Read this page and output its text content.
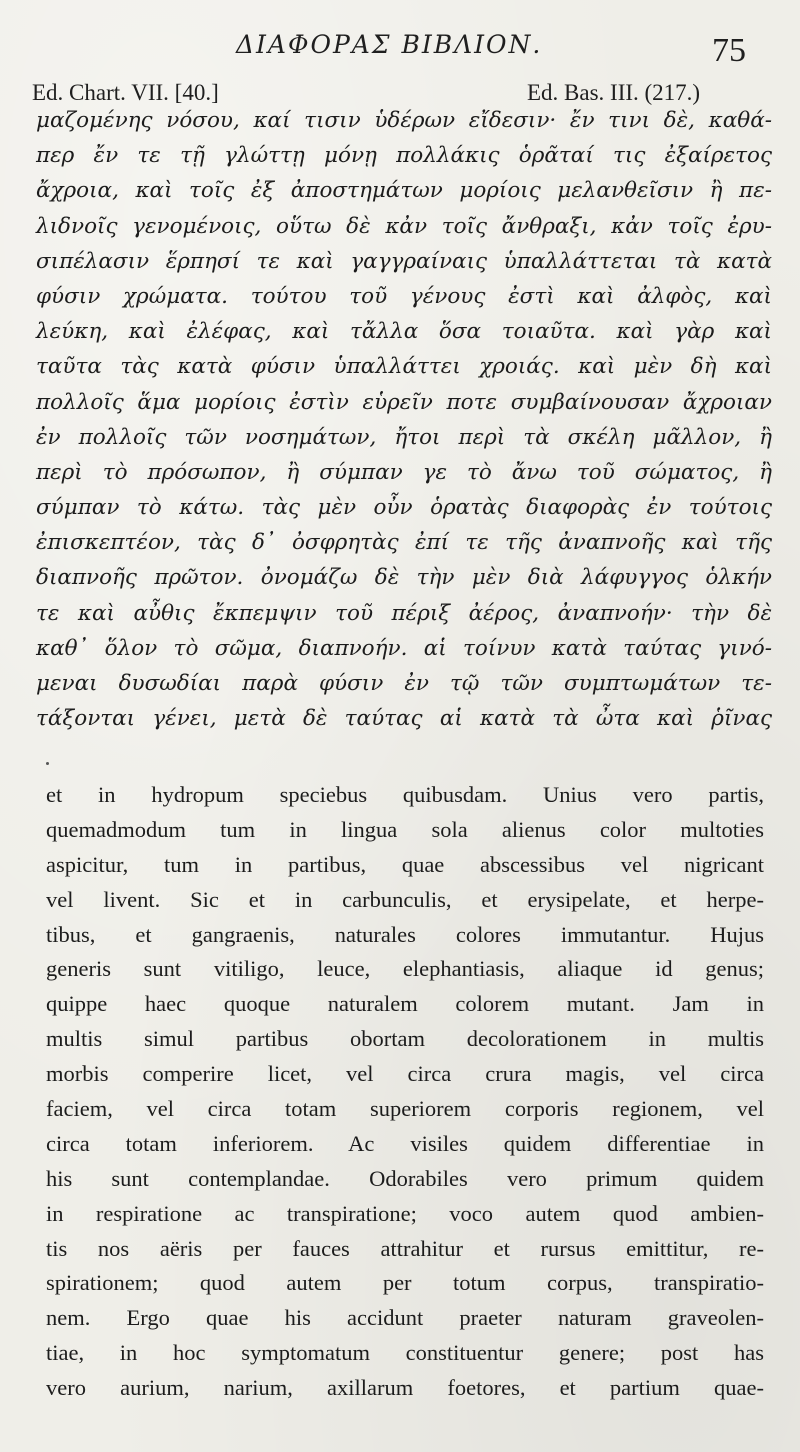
ΔΙΑΦΟΡΑΣ ΒΙΒΛΙΟΝ.	75
Ed. Chart. VII. [40.]	Ed. Bas. III. (217.)
μαζομένης νόσου, καί τισιν ὑδέρων εἴδεσιν· ἔν τινι δὲ, καθά-
περ ἔν τε τῇ γλώττῃ μόνῃ πολλάκις ὁρᾶταί τις ἐξαίρετος
ἄχροια, καὶ τοῖς ἐξ ἀποστημάτων μορίοις μελανθεῖσιν ἢ πε-
λιδνοῖς γενομένοις, οὕτω δὲ κἀν τοῖς ἄνθραξι, κἀν τοῖς ἐρυ-
σιπέλασιν ἕρπησί τε καὶ γαγγραίναις ὑπαλλάττεται τὰ κατὰ
φύσιν χρώματα. τούτου τοῦ γένους ἐστὶ καὶ ἀλφὸς, καὶ
λεύκη, καὶ ἐλέφας, καὶ τἄλλα ὅσα τοιαῦτα. καὶ γὰρ καὶ
ταῦτα τὰς κατὰ φύσιν ὑπαλλάττει χροιάς. καὶ μὲν δὴ καὶ
πολλοῖς ἅμα μορίοις ἐστὶν εὑρεῖν ποτε συμβαίνουσαν ἄχροιαν
ἐν πολλοῖς τῶν νοσημάτων, ἤτοι περὶ τὰ σκέλη μᾶλλον, ἢ
περὶ τὸ πρόσωπον, ἢ σύμπαν γε τὸ ἄνω τοῦ σώματος, ἢ
σύμπαν τὸ κάτω. τὰς μὲν οὖν ὁρατὰς διαφορὰς ἐν τούτοις
ἐπισκεπτέον, τὰς δ᾽ ὀσφρητὰς ἐπί τε τῆς ἀναπνοῆς καὶ τῆς
διαπνοῆς πρῶτον. ὀνομάζω δὲ τὴν μὲν διὰ λάφυγγος ὁλκήν
τε καὶ αὖθις ἔκπεμψιν τοῦ πέριξ ἀέρος, ἀναπνοήν· τὴν δὲ
καθ᾽ ὅλον τὸ σῶμα, διαπνοήν. αἱ τοίνυν κατὰ ταύτας γινό-
μεναι δυσωδίαι παρὰ φύσιν ἐν τῷ τῶν συμπτωμάτων τε-
τάξονται γένει, μετὰ δὲ ταύτας αἱ κατὰ τὰ ὦτα καὶ ῥῖνας
et in hydropum speciebus quibusdam. Unius vero partis,
quemadmodum tum in lingua sola alienus color multoties
aspicitur, tum in partibus, quae abscessibus vel nigricant
vel livent. Sic et in carbunculis, et erysipelate, et herpe-
tibus, et gangraenis, naturales colores immutantur. Hujus
generis sunt vitiligo, leuce, elephantiasis, aliaque id genus;
quippe haec quoque naturalem colorem mutant. Jam in
multis simul partibus obortam decolorationem in multis
morbis comperire licet, vel circa crura magis, vel circa
faciem, vel circa totam superiorem corporis regionem, vel
circa totam inferiorem. Ac visiles quidem differentiae in
his sunt contemplandae. Odorabiles vero primum quidem
in respiratione ac transpiratione; voco autem quod ambien-
tis nos aëris per fauces attrahitur et rursus emittitur, re-
spirationem; quod autem per totum corpus, transpiratio-
nem. Ergo quae his accidunt praeter naturam graveolen-
tiae, in hoc symptomatum constituentur genere; post has
vero aurium, narium, axillarum foetores, et partium quae-
